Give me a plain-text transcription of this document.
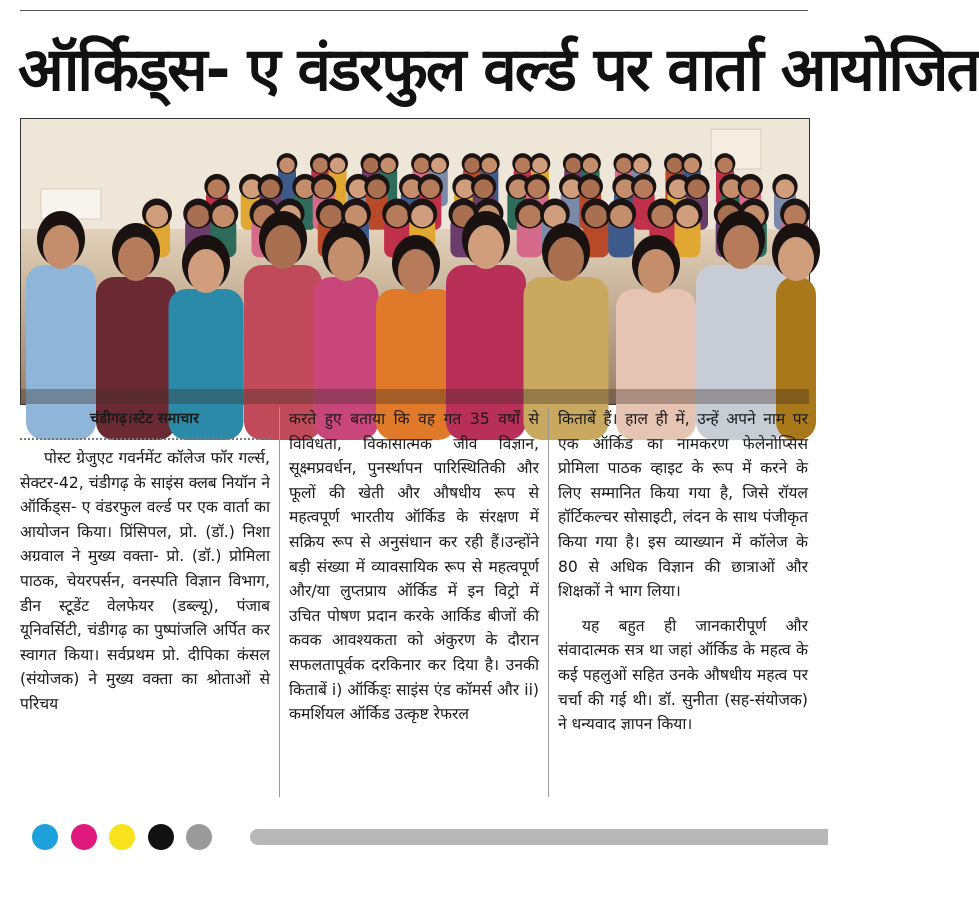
ऑर्किड्स- ए वंडरफुल वर्ल्ड पर वार्ता आयोजित
चंडीगढ़।स्टेट समाचार

पोस्ट ग्रेजुएट गवर्नमेंट कॉलेज फॉर गर्ल्स, सेक्टर-42, चंडीगढ़ के साइंस क्लब नियॉन ने ऑर्किड्स- ए वंडरफुल वर्ल्ड पर एक वार्ता का आयोजन किया। प्रिंसिपल, प्रो. (डॉ.) निशा अग्रवाल ने मुख्य वक्ता- प्रो. (डॉ.) प्रोमिला पाठक, चेयरपर्सन, वनस्पति विज्ञान विभाग, डीन स्टूडेंट वेलफेयर (डब्ल्यू), पंजाब यूनिवर्सिटी, चंडीगढ़ का पुष्पांजलि अर्पित कर स्वागत किया। सर्वप्रथम प्रो. दीपिका कंसल (संयोजक) ने मुख्य वक्ता का श्रोताओं से परिचय

करते हुए बताया कि वह गत 35 वर्षों से विविधता, विकासात्मक जीव विज्ञान, सूक्ष्मप्रवर्धन, पुनर्स्थापन पारिस्थितिकी और फूलों की खेती और औषधीय रूप से महत्वपूर्ण भारतीय ऑर्किड के संरक्षण में सक्रिय रूप से अनुसंधान कर रही हैं।उन्होंने बड़ी संख्या में व्यावसायिक रूप से महत्वपूर्ण और/या लुप्तप्राय ऑर्किड में इन विट्रो में उचित पोषण प्रदान करके आर्किड बीजों की कवक आवश्यकता को अंकुरण के दौरान सफलतापूर्वक दरकिनार कर दिया है। उनकी किताबें i) ऑर्किड्ः साइंस एंड कॉमर्स और ii) कमर्शियल ऑर्किड उत्कृष्ट रेफरल

किताबें हैं। हाल ही में, उन्हें अपने नाम पर एक ऑर्किड का नामकरण फेलेनोप्सिस प्रोमिला पाठक व्हाइट के रूप में करने के लिए सम्मानित किया गया है, जिसे रॉयल हॉर्टिकल्चर सोसाइटी, लंदन के साथ पंजीकृत किया गया है। इस व्याख्यान में कॉलेज के 80 से अधिक विज्ञान की छात्राओं और शिक्षकों ने भाग लिया।

यह बहुत ही जानकारीपूर्ण और संवादात्मक सत्र था जहां ऑर्किड के महत्व के कई पहलुओं सहित उनके औषधीय महत्व पर चर्चा की गई थी। डॉ. सुनीता (सह-संयोजक) ने धन्यवाद ज्ञापन किया।
